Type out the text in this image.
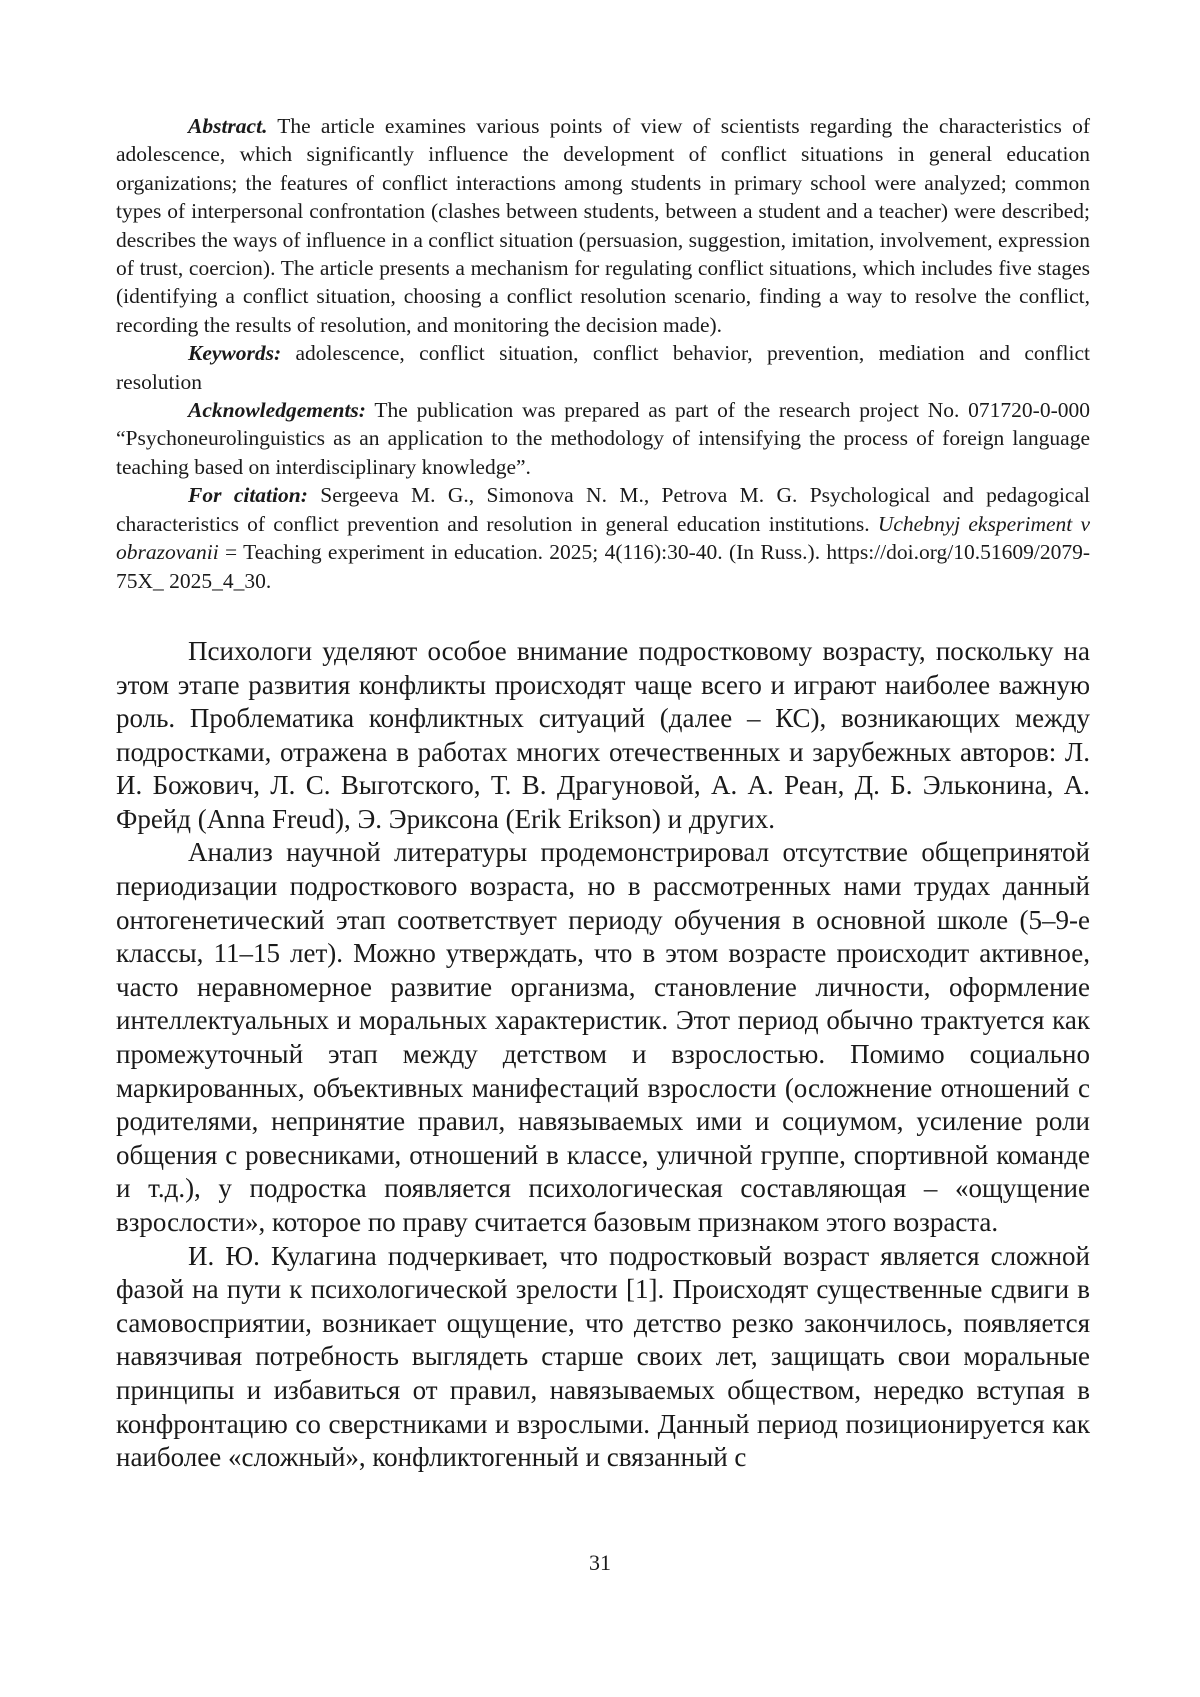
Abstract. The article examines various points of view of scientists regarding the characteristics of adolescence, which significantly influence the development of conflict situations in general education organizations; the features of conflict interactions among students in primary school were analyzed; common types of interpersonal confrontation (clashes between students, between a student and a teacher) were described; describes the ways of influence in a conflict situation (persuasion, suggestion, imitation, involvement, expression of trust, coercion). The article presents a mechanism for regulating conflict situations, which includes five stages (identifying a conflict situation, choosing a conflict resolution scenario, finding a way to resolve the conflict, recording the results of resolution, and monitoring the decision made).

Keywords: adolescence, conflict situation, conflict behavior, prevention, mediation and conflict resolution

Acknowledgements: The publication was prepared as part of the research project No. 071720-0-000 “Psychoneurolinguistics as an application to the methodology of intensifying the process of foreign language teaching based on interdisciplinary knowledge”.

For citation: Sergeeva M. G., Simonova N. M., Petrova M. G. Psychological and pedagogical characteristics of conflict prevention and resolution in general education institutions. Uchebnyj eksperiment v obrazovanii = Teaching experiment in education. 2025; 4(116):30-40. (In Russ.). https://doi.org/10.51609/2079-75X_ 2025_4_30.

Психологи уделяют особое внимание подростковому возрасту, поскольку на этом этапе развития конфликты происходят чаще всего и играют наиболее важную роль. Проблематика конфликтных ситуаций (далее – КС), возникающих между подростками, отражена в работах многих отечественных и зарубежных авторов: Л. И. Божович, Л. С. Выготского, Т. В. Драгуновой, А. А. Реан, Д. Б. Эльконина, А. Фрейд (Anna Freud), Э. Эриксона (Erik Erikson) и других.

Анализ научной литературы продемонстрировал отсутствие общепринятой периодизации подросткового возраста, но в рассмотренных нами трудах данный онтогенетический этап соответствует периоду обучения в основной школе (5–9-е классы, 11–15 лет). Можно утверждать, что в этом возрасте происходит активное, часто неравномерное развитие организма, становление личности, оформление интеллектуальных и моральных характеристик. Этот период обычно трактуется как промежуточный этап между детством и взрослостью. Помимо социально маркированных, объективных манифестаций взрослости (осложнение отношений с родителями, непринятие правил, навязываемых ими и социумом, усиление роли общения с ровесниками, отношений в классе, уличной группе, спортивной команде и т.д.), у подростка появляется психологическая составляющая – «ощущение взрослости», которое по праву считается базовым признаком этого возраста.

И. Ю. Кулагина подчеркивает, что подростковый возраст является сложной фазой на пути к психологической зрелости [1]. Происходят существенные сдвиги в самовосприятии, возникает ощущение, что детство резко закончилось, появляется навязчивая потребность выглядеть старше своих лет, защищать свои моральные принципы и избавиться от правил, навязываемых обществом, нередко вступая в конфронтацию со сверстниками и взрослыми. Данный период позиционируется как наиболее «сложный», конфликтогенный и связанный с

31
